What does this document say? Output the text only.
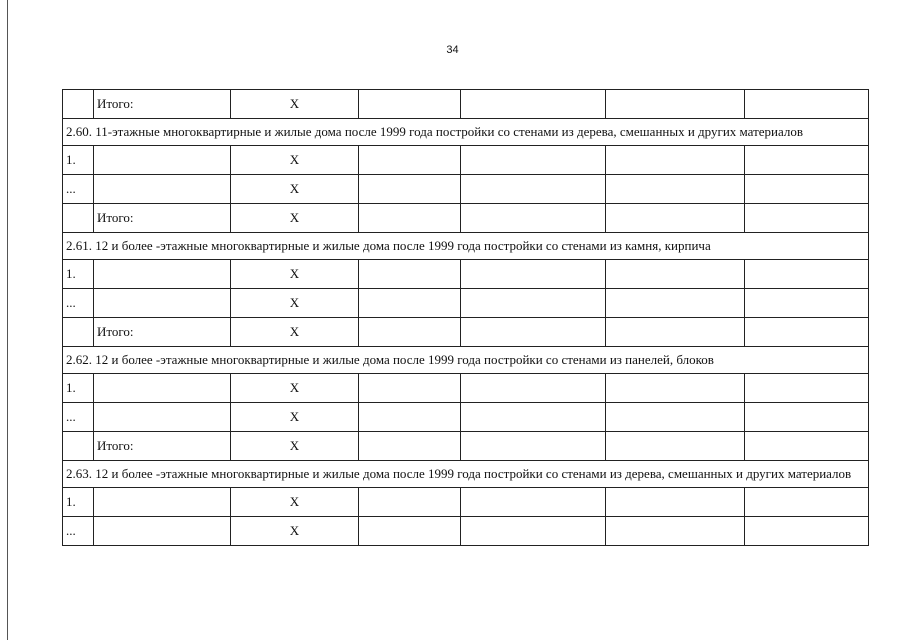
34
	Итого:	X				
2.60. 11-этажные многоквартирные и жилые дома после 1999 года постройки со стенами из дерева, смешанных и других материалов						
1.		X				
...		X				
	Итого:	X				
2.61. 12 и более -этажные многоквартирные и жилые дома после 1999 года постройки со стенами из камня, кирпича						
1.		X				
...		X				
	Итого:	X				
2.62. 12 и более -этажные многоквартирные и жилые дома после 1999 года постройки со стенами из панелей, блоков						
1.		X				
...		X				
	Итого:	X				
2.63. 12 и более -этажные многоквартирные и жилые дома после 1999 года постройки со стенами из дерева, смешанных и других материалов						
1.		X				
...		X				
